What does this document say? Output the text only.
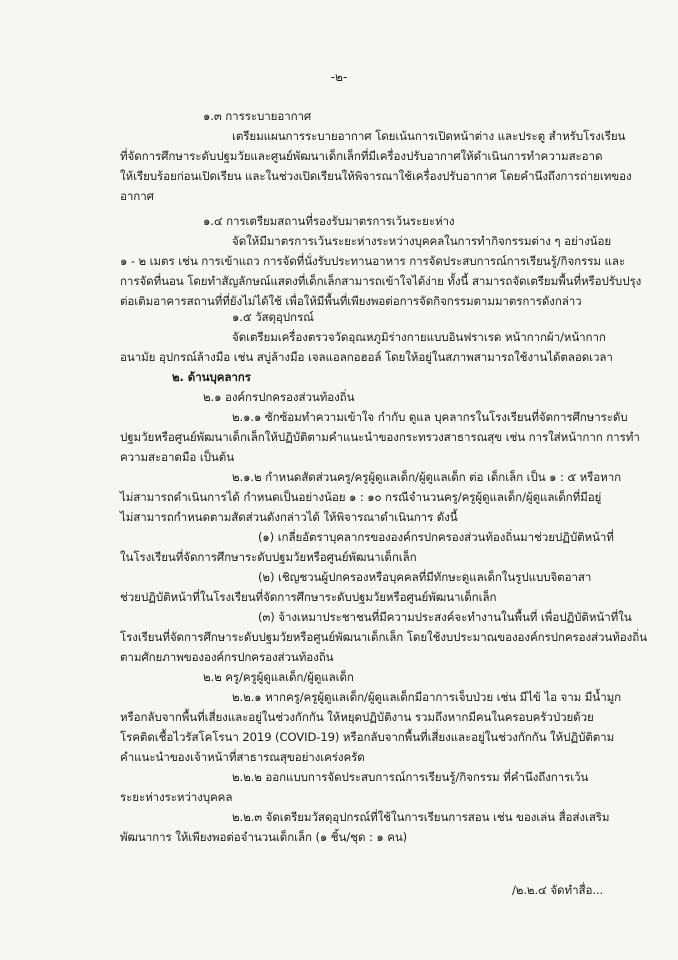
-๒-
๑.๓ การระบายอากาศ
เตรียมแผนการระบายอากาศ โดยเน้นการเปิดหน้าต่าง และประตู สำหรับโรงเรียน
ที่จัดการศึกษาระดับปฐมวัยและศูนย์พัฒนาเด็กเล็กที่มีเครื่องปรับอากาศให้ดำเนินการทำความสะอาด
ให้เรียบร้อยก่อนเปิดเรียน และในช่วงเปิดเรียนให้พิจารณาใช้เครื่องปรับอากาศ โดยคำนึงถึงการถ่ายเทของ
อากาศ
๑.๔ การเตรียมสถานที่รองรับมาตรการเว้นระยะห่าง
จัดให้มีมาตรการเว้นระยะห่างระหว่างบุคคลในการทำกิจกรรมต่าง ๆ อย่างน้อย
๑ - ๒ เมตร เช่น การเข้าแถว การจัดที่นั่งรับประทานอาหาร การจัดประสบการณ์การเรียนรู้/กิจกรรม และ
การจัดที่นอน โดยทำสัญลักษณ์แสดงที่เด็กเล็กสามารถเข้าใจได้ง่าย ทั้งนี้ สามารถจัดเตรียมพื้นที่หรือปรับปรุง
ต่อเติมอาคารสถานที่ที่ยังไม่ได้ใช้ เพื่อให้มีพื้นที่เพียงพอต่อการจัดกิจกรรมตามมาตรการดังกล่าว
๑.๕ วัสดุอุปกรณ์
จัดเตรียมเครื่องตรวจวัดอุณหภูมิร่างกายแบบอินฟราเรด หน้ากากผ้า/หน้ากาก
อนามัย อุปกรณ์ล้างมือ เช่น สบู่ล้างมือ เจลแอลกอฮอล์ โดยให้อยู่ในสภาพสามารถใช้งานได้ตลอดเวลา
๒. ด้านบุคลากร
๒.๑ องค์กรปกครองส่วนท้องถิ่น
๒.๑.๑ ซักซ้อมทำความเข้าใจ กำกับ ดูแล บุคลากรในโรงเรียนที่จัดการศึกษาระดับ
ปฐมวัยหรือศูนย์พัฒนาเด็กเล็กให้ปฏิบัติตามคำแนะนำของกระทรวงสาธารณสุข เช่น การใส่หน้ากาก การทำ
ความสะอาดมือ เป็นต้น
๒.๑.๒ กำหนดสัดส่วนครู/ครูผู้ดูแลเด็ก/ผู้ดูแลเด็ก ต่อ เด็กเล็ก เป็น ๑ : ๕ หรือหาก
ไม่สามารถดำเนินการได้ กำหนดเป็นอย่างน้อย ๑ : ๑๐ กรณีจำนวนครู/ครูผู้ดูแลเด็ก/ผู้ดูแลเด็กที่มีอยู่
ไม่สามารถกำหนดตามสัดส่วนดังกล่าวได้ ให้พิจารณาดำเนินการ ดังนี้
(๑) เกลี่ยอัตราบุคลากรขององค์กรปกครองส่วนท้องถิ่นมาช่วยปฏิบัติหน้าที่
ในโรงเรียนที่จัดการศึกษาระดับปฐมวัยหรือศูนย์พัฒนาเด็กเล็ก
(๒) เชิญชวนผู้ปกครองหรือบุคคลที่มีทักษะดูแลเด็กในรูปแบบจิตอาสา
ช่วยปฏิบัติหน้าที่ในโรงเรียนที่จัดการศึกษาระดับปฐมวัยหรือศูนย์พัฒนาเด็กเล็ก
(๓) จ้างเหมาประชาชนที่มีความประสงค์จะทำงานในพื้นที่ เพื่อปฏิบัติหน้าที่ใน
โรงเรียนที่จัดการศึกษาระดับปฐมวัยหรือศูนย์พัฒนาเด็กเล็ก โดยใช้งบประมาณขององค์กรปกครองส่วนท้องถิ่น
ตามศักยภาพขององค์กรปกครองส่วนท้องถิ่น
๒.๒ ครู/ครูผู้ดูแลเด็ก/ผู้ดูแลเด็ก
๒.๒.๑ หากครู/ครูผู้ดูแลเด็ก/ผู้ดูแลเด็กมีอาการเจ็บป่วย เช่น มีไข้ ไอ จาม มีน้ำมูก
หรือกลับจากพื้นที่เสี่ยงและอยู่ในช่วงกักกัน ให้หยุดปฏิบัติงาน รวมถึงหากมีคนในครอบครัวป่วยด้วย
โรคติดเชื้อไวรัสโคโรนา 2019 (COVID-19) หรือกลับจากพื้นที่เสี่ยงและอยู่ในช่วงกักกัน ให้ปฏิบัติตาม
คำแนะนำของเจ้าหน้าที่สาธารณสุขอย่างเคร่งครัด
๒.๒.๒ ออกแบบการจัดประสบการณ์การเรียนรู้/กิจกรรม ที่คำนึงถึงการเว้น
ระยะห่างระหว่างบุคคล
๒.๒.๓ จัดเตรียมวัสดุอุปกรณ์ที่ใช้ในการเรียนการสอน เช่น ของเล่น สื่อส่งเสริม
พัฒนาการ ให้เพียงพอต่อจำนวนเด็กเล็ก (๑ ชิ้น/ชุด : ๑ คน)
/๒.๒.๔ จัดทำสื่อ...
